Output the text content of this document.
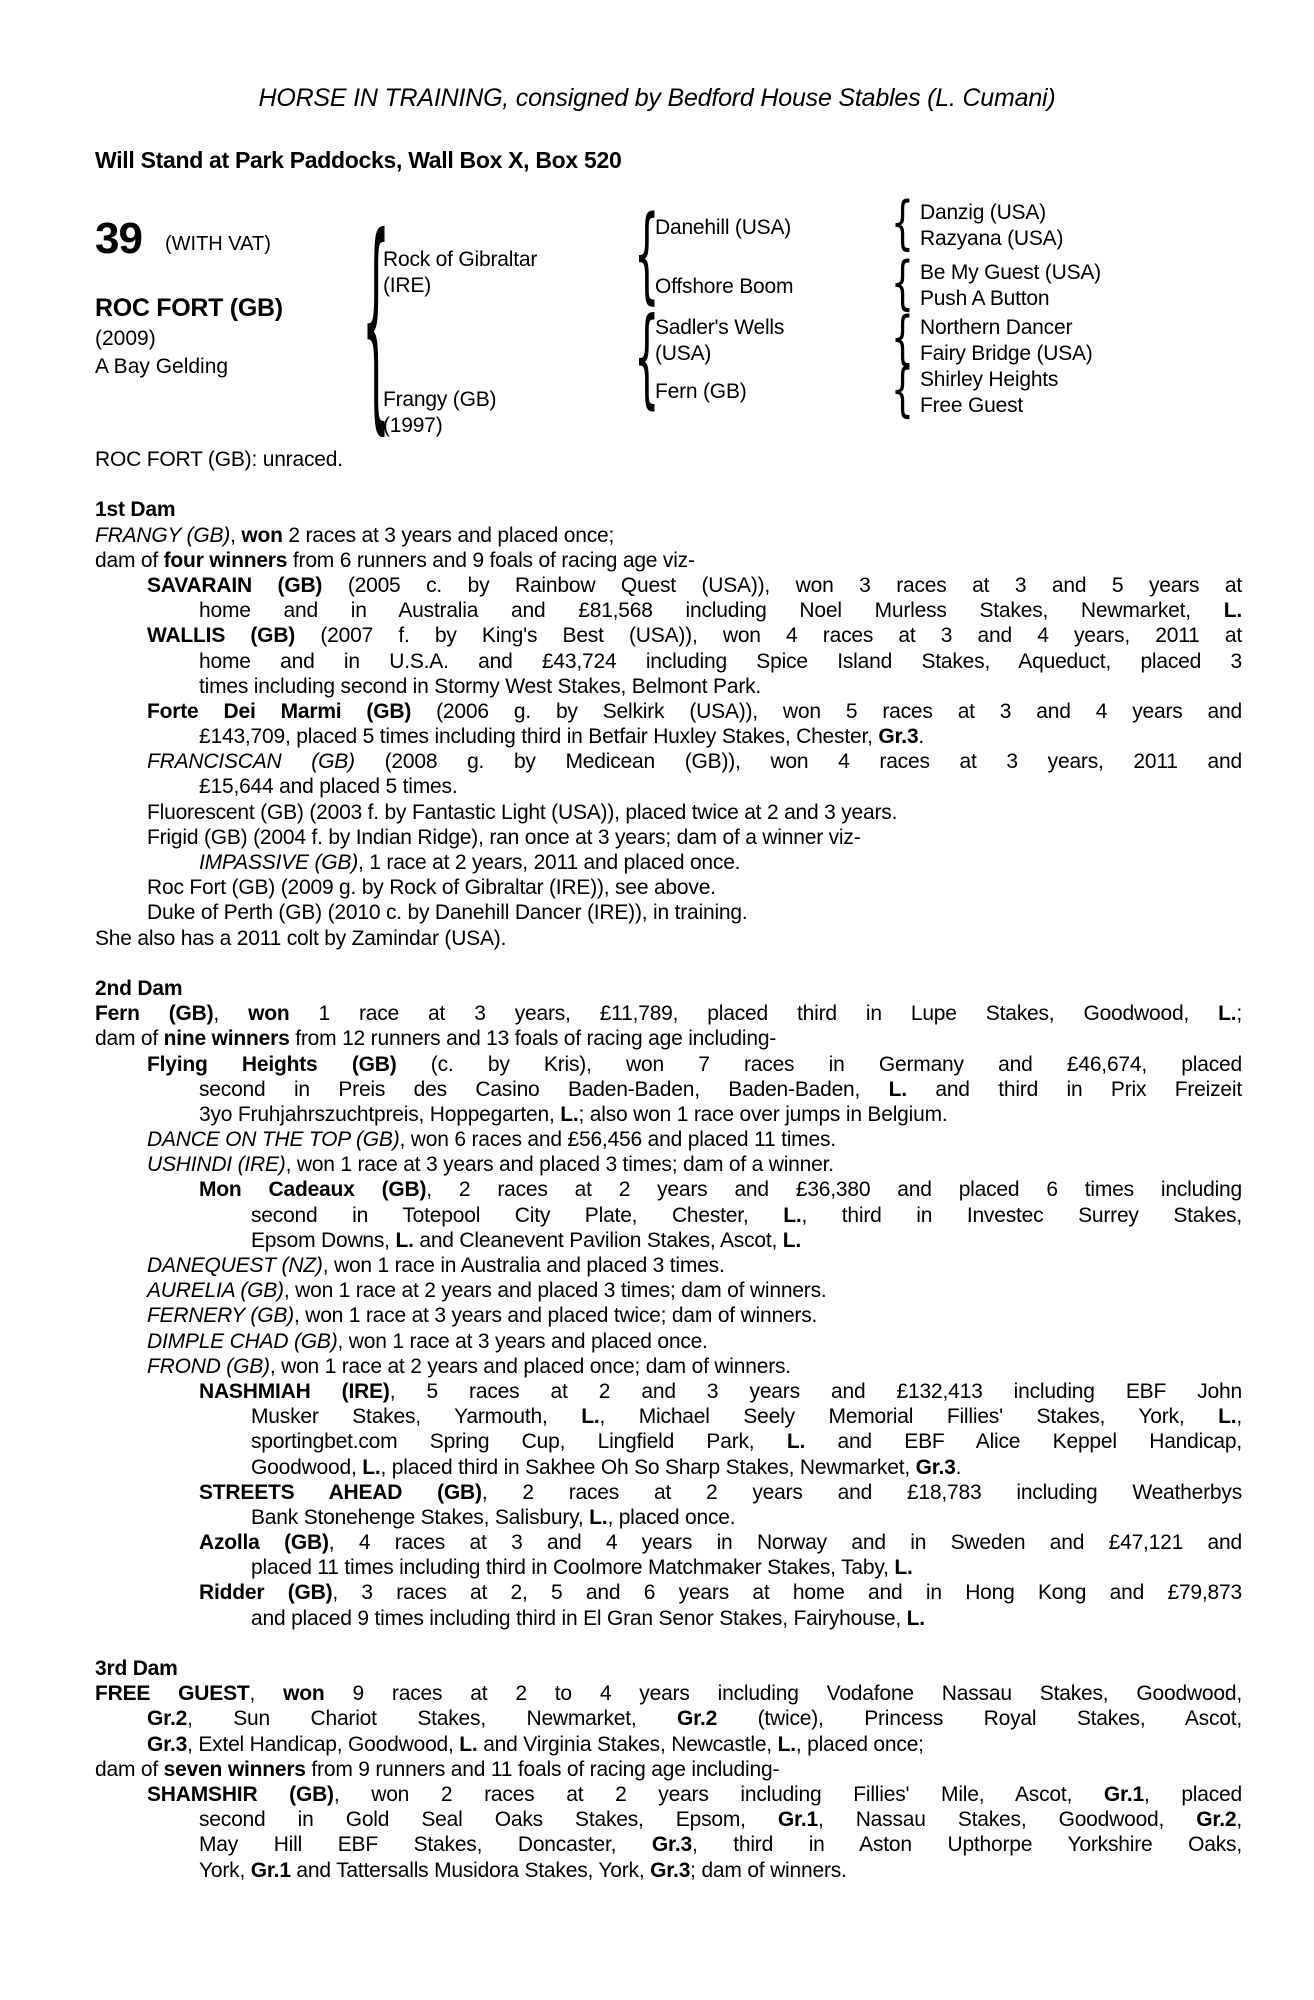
HORSE IN TRAINING, consigned by Bedford House Stables (L. Cumani)
Will Stand at Park Paddocks, Wall Box X, Box 520
39 (WITH VAT)
ROC FORT (GB)
(2009)
A Bay Gelding
{
{
{
{
{
{
{
Rock of Gibraltar
(IRE)
Frangy (GB)
(1997)
Danehill (USA)
Offshore Boom
Sadler's Wells
(USA)
Fern (GB)
Danzig (USA)
Razyana (USA)
Be My Guest (USA)
Push A Button
Northern Dancer
Fairy Bridge (USA)
Shirley Heights
Free Guest
ROC FORT (GB): unraced.
1st Dam
FRANGY (GB), won 2 races at 3 years and placed once;
dam of four winners from 6 runners and 9 foals of racing age viz-
SAVARAIN (GB) (2005 c. by Rainbow Quest (USA)), won 3 races at 3 and 5 years at
home and in Australia and £81,568 including Noel Murless Stakes, Newmarket, L.
WALLIS (GB) (2007 f. by King's Best (USA)), won 4 races at 3 and 4 years, 2011 at
home and in U.S.A. and £43,724 including Spice Island Stakes, Aqueduct, placed 3
times including second in Stormy West Stakes, Belmont Park.
Forte Dei Marmi (GB) (2006 g. by Selkirk (USA)), won 5 races at 3 and 4 years and
£143,709, placed 5 times including third in Betfair Huxley Stakes, Chester, Gr.3.
FRANCISCAN (GB) (2008 g. by Medicean (GB)), won 4 races at 3 years, 2011 and
£15,644 and placed 5 times.
Fluorescent (GB) (2003 f. by Fantastic Light (USA)), placed twice at 2 and 3 years.
Frigid (GB) (2004 f. by Indian Ridge), ran once at 3 years; dam of a winner viz-
IMPASSIVE (GB), 1 race at 2 years, 2011 and placed once.
Roc Fort (GB) (2009 g. by Rock of Gibraltar (IRE)), see above.
Duke of Perth (GB) (2010 c. by Danehill Dancer (IRE)), in training.
She also has a 2011 colt by Zamindar (USA).
2nd Dam
Fern (GB), won 1 race at 3 years, £11,789, placed third in Lupe Stakes, Goodwood, L.;
dam of nine winners from 12 runners and 13 foals of racing age including-
Flying Heights (GB) (c. by Kris), won 7 races in Germany and £46,674, placed
second in Preis des Casino Baden-Baden, Baden-Baden, L. and third in Prix Freizeit
3yo Fruhjahrszuchtpreis, Hoppegarten, L.; also won 1 race over jumps in Belgium.
DANCE ON THE TOP (GB), won 6 races and £56,456 and placed 11 times.
USHINDI (IRE), won 1 race at 3 years and placed 3 times; dam of a winner.
Mon Cadeaux (GB), 2 races at 2 years and £36,380 and placed 6 times including
second in Totepool City Plate, Chester, L., third in Investec Surrey Stakes,
Epsom Downs, L. and Cleanevent Pavilion Stakes, Ascot, L.
DANEQUEST (NZ), won 1 race in Australia and placed 3 times.
AURELIA (GB), won 1 race at 2 years and placed 3 times; dam of winners.
FERNERY (GB), won 1 race at 3 years and placed twice; dam of winners.
DIMPLE CHAD (GB), won 1 race at 3 years and placed once.
FROND (GB), won 1 race at 2 years and placed once; dam of winners.
NASHMIAH (IRE), 5 races at 2 and 3 years and £132,413 including EBF John
Musker Stakes, Yarmouth, L., Michael Seely Memorial Fillies' Stakes, York, L.,
sportingbet.com Spring Cup, Lingfield Park, L. and EBF Alice Keppel Handicap,
Goodwood, L., placed third in Sakhee Oh So Sharp Stakes, Newmarket, Gr.3.
STREETS AHEAD (GB), 2 races at 2 years and £18,783 including Weatherbys
Bank Stonehenge Stakes, Salisbury, L., placed once.
Azolla (GB), 4 races at 3 and 4 years in Norway and in Sweden and £47,121 and
placed 11 times including third in Coolmore Matchmaker Stakes, Taby, L.
Ridder (GB), 3 races at 2, 5 and 6 years at home and in Hong Kong and £79,873
and placed 9 times including third in El Gran Senor Stakes, Fairyhouse, L.
3rd Dam
FREE GUEST, won 9 races at 2 to 4 years including Vodafone Nassau Stakes, Goodwood,
Gr.2, Sun Chariot Stakes, Newmarket, Gr.2 (twice), Princess Royal Stakes, Ascot,
Gr.3, Extel Handicap, Goodwood, L. and Virginia Stakes, Newcastle, L., placed once;
dam of seven winners from 9 runners and 11 foals of racing age including-
SHAMSHIR (GB), won 2 races at 2 years including Fillies' Mile, Ascot, Gr.1, placed
second in Gold Seal Oaks Stakes, Epsom, Gr.1, Nassau Stakes, Goodwood, Gr.2,
May Hill EBF Stakes, Doncaster, Gr.3, third in Aston Upthorpe Yorkshire Oaks,
York, Gr.1 and Tattersalls Musidora Stakes, York, Gr.3; dam of winners.
